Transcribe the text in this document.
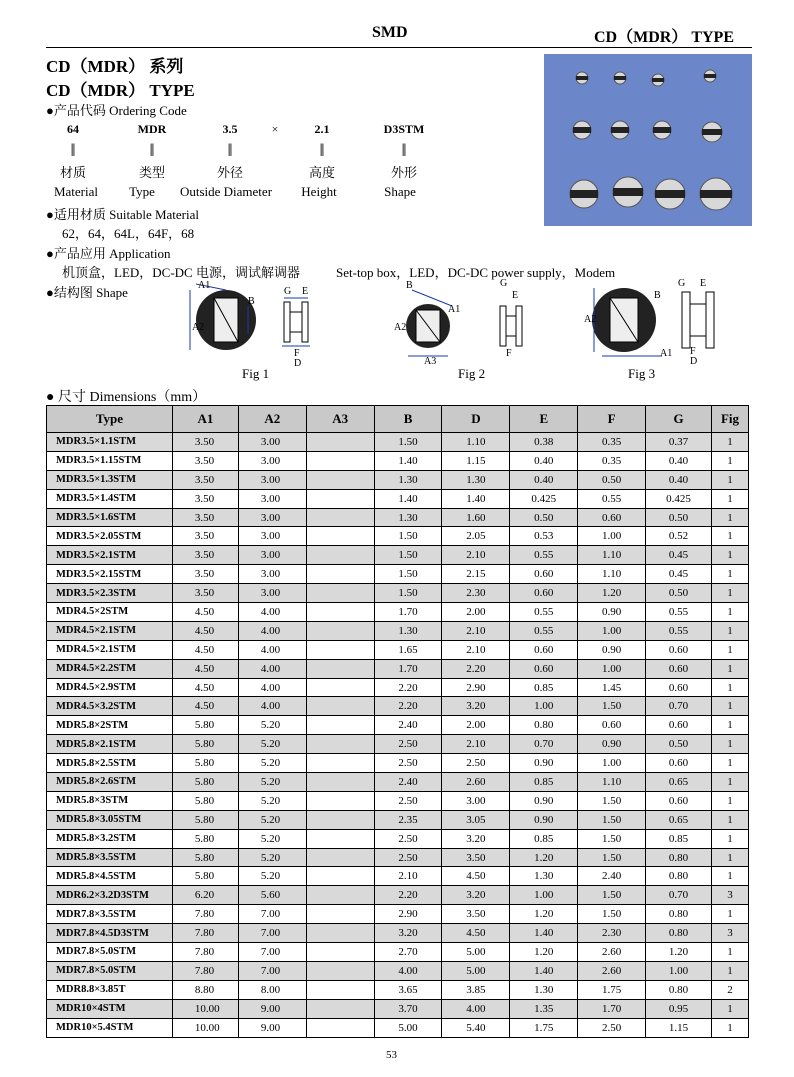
SMD	CD（MDR） TYPE
CD（MDR） 系列
CD（MDR） TYPE
●产品代码 Ordering Code
64	MDR	3.5	×	2.1	D3STM
‖	‖	‖	‖	‖
材质	类型	外径	高度	外形
Material	Type	Outside Diameter	Height	Shape
●适用材质 Suitable Material
62，64，64L，64F，68
●产品应用 Application
机顶盒，LED，DC-DC 电源，调试解调器	Set-top box，LED，DC-DC power supply，Modem
●结构图 Shape	A1
A2
B
G E
F
D
Fig 1
B
A1
A2
A3
G
E
F
Fig 2
A2
B
A1
G E
F
D
Fig 3
● 尺寸 Dimensions（mm）
Type	A1	A2	A3	B	D	E	F	G	Fig
MDR3.5×1.1STM	3.50	3.00		1.50	1.10	0.38	0.35	0.37	1
MDR3.5×1.15STM	3.50	3.00		1.40	1.15	0.40	0.35	0.40	1
MDR3.5×1.3STM	3.50	3.00		1.30	1.30	0.40	0.50	0.40	1
MDR3.5×1.4STM	3.50	3.00		1.40	1.40	0.425	0.55	0.425	1
MDR3.5×1.6STM	3.50	3.00		1.30	1.60	0.50	0.60	0.50	1
MDR3.5×2.05STM	3.50	3.00		1.50	2.05	0.53	1.00	0.52	1
MDR3.5×2.1STM	3.50	3.00		1.50	2.10	0.55	1.10	0.45	1
MDR3.5×2.15STM	3.50	3.00		1.50	2.15	0.60	1.10	0.45	1
MDR3.5×2.3STM	3.50	3.00		1.50	2.30	0.60	1.20	0.50	1
MDR4.5×2STM	4.50	4.00		1.70	2.00	0.55	0.90	0.55	1
MDR4.5×2.1STM	4.50	4.00		1.30	2.10	0.55	1.00	0.55	1
MDR4.5×2.1STM	4.50	4.00		1.65	2.10	0.60	0.90	0.60	1
MDR4.5×2.2STM	4.50	4.00		1.70	2.20	0.60	1.00	0.60	1
MDR4.5×2.9STM	4.50	4.00		2.20	2.90	0.85	1.45	0.60	1
MDR4.5×3.2STM	4.50	4.00		2.20	3.20	1.00	1.50	0.70	1
MDR5.8×2STM	5.80	5.20		2.40	2.00	0.80	0.60	0.60	1
MDR5.8×2.1STM	5.80	5.20		2.50	2.10	0.70	0.90	0.50	1
MDR5.8×2.5STM	5.80	5.20		2.50	2.50	0.90	1.00	0.60	1
MDR5.8×2.6STM	5.80	5.20		2.40	2.60	0.85	1.10	0.65	1
MDR5.8×3STM	5.80	5.20		2.50	3.00	0.90	1.50	0.60	1
MDR5.8×3.05STM	5.80	5.20		2.35	3.05	0.90	1.50	0.65	1
MDR5.8×3.2STM	5.80	5.20		2.50	3.20	0.85	1.50	0.85	1
MDR5.8×3.5STM	5.80	5.20		2.50	3.50	1.20	1.50	0.80	1
MDR5.8×4.5STM	5.80	5.20		2.10	4.50	1.30	2.40	0.80	1
MDR6.2×3.2D3STM	6.20	5.60		2.20	3.20	1.00	1.50	0.70	3
MDR7.8×3.5STM	7.80	7.00		2.90	3.50	1.20	1.50	0.80	1
MDR7.8×4.5D3STM	7.80	7.00		3.20	4.50	1.40	2.30	0.80	3
MDR7.8×5.0STM	7.80	7.00		2.70	5.00	1.20	2.60	1.20	1
MDR7.8×5.0STM	7.80	7.00		4.00	5.00	1.40	2.60	1.00	1
MDR8.8×3.85T	8.80	8.00		3.65	3.85	1.30	1.75	0.80	2
MDR10×4STM	10.00	9.00		3.70	4.00	1.35	1.70	0.95	1
MDR10×5.4STM	10.00	9.00		5.00	5.40	1.75	2.50	1.15	1
53
